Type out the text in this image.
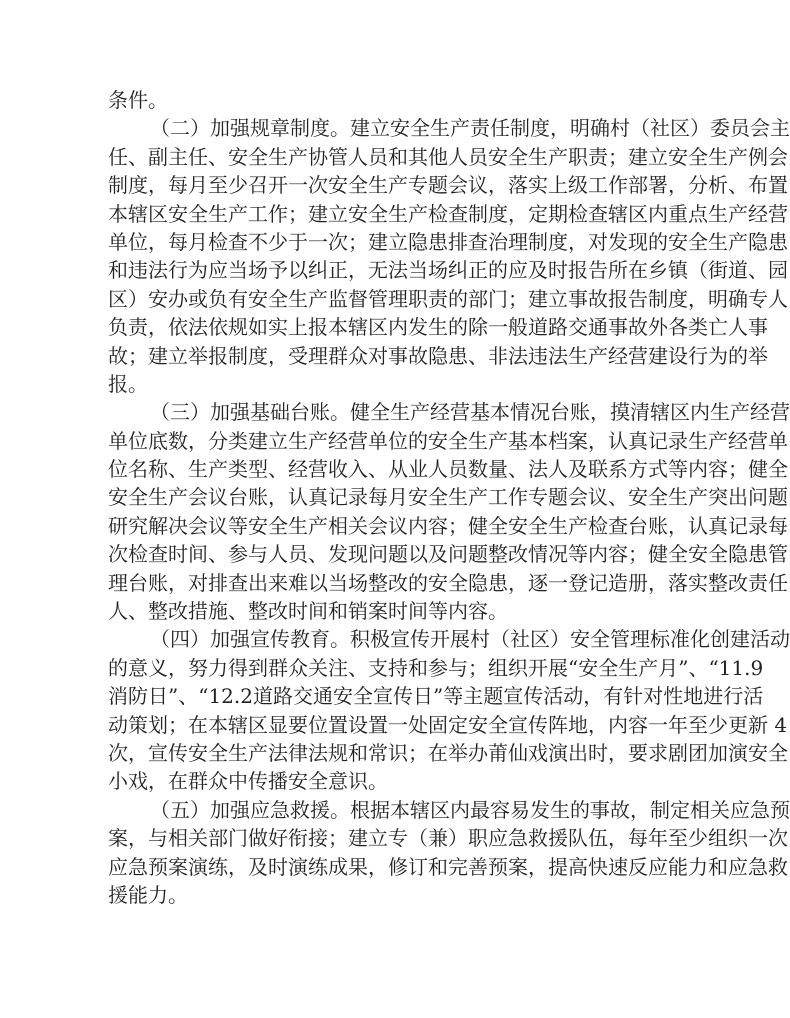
条件。
（二）加强规章制度。建立安全生产责任制度，明确村（社区）委员会主
任、副主任、安全生产协管人员和其他人员安全生产职责；建立安全生产例会
制度，每月至少召开一次安全生产专题会议，落实上级工作部署，分析、布置
本辖区安全生产工作；建立安全生产检查制度，定期检查辖区内重点生产经营
单位，每月检查不少于一次；建立隐患排查治理制度，对发现的安全生产隐患
和违法行为应当场予以纠正，无法当场纠正的应及时报告所在乡镇（街道、园
区）安办或负有安全生产监督管理职责的部门；建立事故报告制度，明确专人
负责，依法依规如实上报本辖区内发生的除一般道路交通事故外各类亡人事
故；建立举报制度，受理群众对事故隐患、非法违法生产经营建设行为的举
报。
（三）加强基础台账。健全生产经营基本情况台账，摸清辖区内生产经营
单位底数，分类建立生产经营单位的安全生产基本档案，认真记录生产经营单
位名称、生产类型、经营收入、从业人员数量、法人及联系方式等内容；健全
安全生产会议台账，认真记录每月安全生产工作专题会议、安全生产突出问题
研究解决会议等安全生产相关会议内容；健全安全生产检查台账，认真记录每
次检查时间、参与人员、发现问题以及问题整改情况等内容；健全安全隐患管
理台账，对排查出来难以当场整改的安全隐患，逐一登记造册，落实整改责任
人、整改措施、整改时间和销案时间等内容。
（四）加强宣传教育。积极宣传开展村（社区）安全管理标准化创建活动
的意义，努力得到群众关注、支持和参与；组织开展“安全生产月”、“11.9
消防日”、“12.2道路交通安全宣传日”等主题宣传活动，有针对性地进行活
动策划；在本辖区显要位置设置一处固定安全宣传阵地，内容一年至少更新 4
次，宣传安全生产法律法规和常识；在举办莆仙戏演出时，要求剧团加演安全
小戏，在群众中传播安全意识。
（五）加强应急救援。根据本辖区内最容易发生的事故，制定相关应急预
案，与相关部门做好衔接；建立专（兼）职应急救援队伍，每年至少组织一次
应急预案演练，及时演练成果，修订和完善预案，提高快速反应能力和应急救
援能力。
